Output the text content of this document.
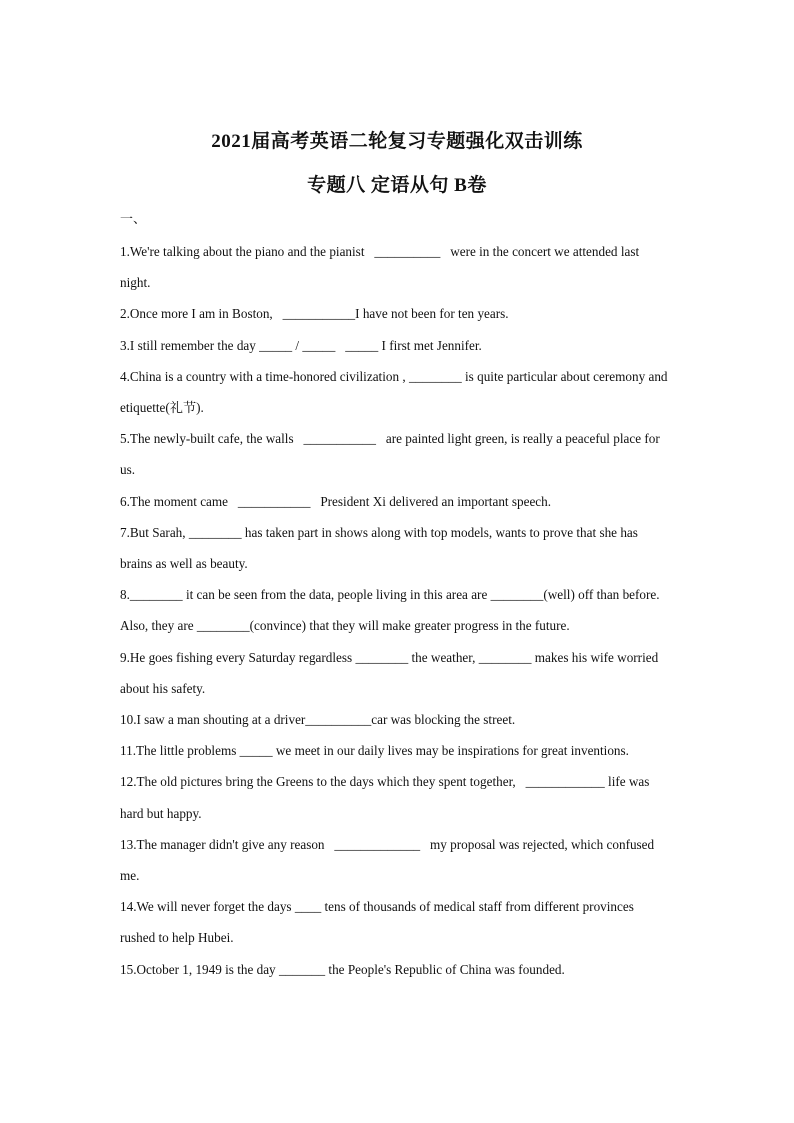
2021届高考英语二轮复习专题强化双击训练
专题八 定语从句 B卷
一、

1.We're talking about the piano and the pianist   __________   were in the concert we attended last night.

2.Once more I am in Boston,   ___________I have not been for ten years.

3.I still remember the day _____ / _____   _____ I first met Jennifer.

4.China is a country with a time-honored civilization , ________ is quite particular about ceremony and etiquette(礼节).

5.The newly-built cafe, the walls   ___________   are painted light green, is really a peaceful place for us.

6.The moment came   ___________   President Xi delivered an important speech.

7.But Sarah, ________ has taken part in shows along with top models, wants to prove that she has brains as well as beauty.

8.________ it can be seen from the data, people living in this area are ________(well) off than before. Also, they are ________(convince) that they will make greater progress in the future.

9.He goes fishing every Saturday regardless ________ the weather, ________ makes his wife worried about his safety.

10.I saw a man shouting at a driver__________car was blocking the street.

11.The little problems _____ we meet in our daily lives may be inspirations for great inventions.

12.The old pictures bring the Greens to the days which they spent together,   ____________ life was hard but happy.

13.The manager didn't give any reason   _____________   my proposal was rejected, which confused me.

14.We will never forget the days ____ tens of thousands of medical staff from different provinces rushed to help Hubei.

15.October 1, 1949 is the day _______ the People's Republic of China was founded.
